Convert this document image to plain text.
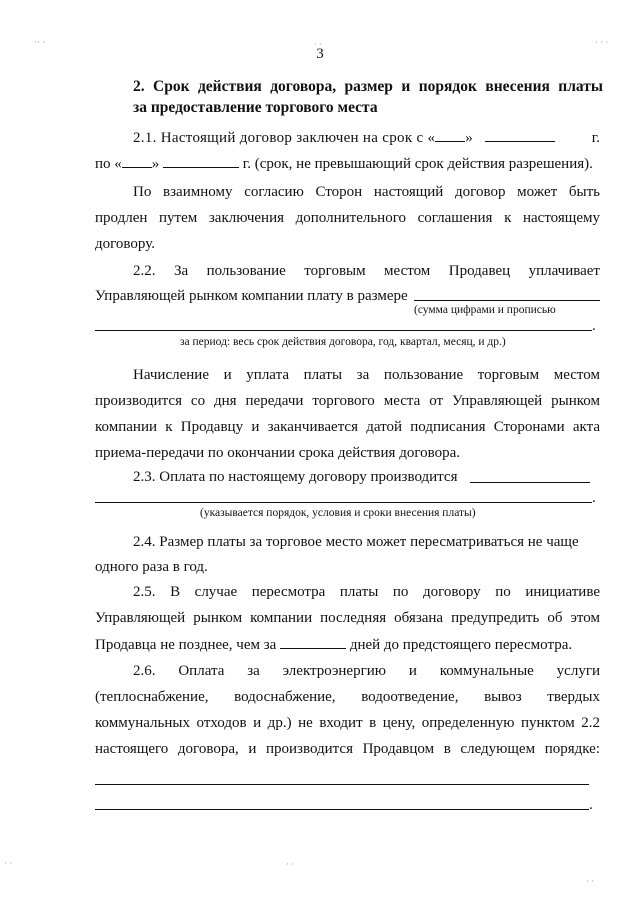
3
2. Срок действия договора, размер и порядок внесения платы
за предоставление торгового места
2.1. Настоящий договор заключен на срок с « »	г.
по « »	г. (срок, не превышающий срок действия разрешения).
По взаимному согласию Сторон настоящий договор может быть
продлен путем заключения дополнительного соглашения к настоящему
договору.
2.2. За пользование торговым местом Продавец уплачивает
Управляющей рынком компании плату в размере
(сумма цифрами и прописью
.
за период: весь срок действия договора, год, квартал, месяц, и др.)
Начисление и уплата платы за пользование торговым местом
производится со дня передачи торгового места от Управляющей рынком
компании к Продавцу и заканчивается датой подписания Сторонами акта
приема-передачи по окончании срока действия договора.
2.3. Оплата по настоящему договору производится
.
(указывается порядок, условия и сроки внесения платы)
2.4. Размер платы за торговое место может пересматриваться не чаще
одного раза в год.
2.5. В случае пересмотра платы по договору по инициативе
Управляющей рынком компании последняя обязана предупредить об этом
Продавца не позднее, чем за	дней до предстоящего пересмотра.
2.6. Оплата за электроэнергию и коммунальные услуги
(теплоснабжение, водоснабжение, водоотведение, вывоз твердых
коммунальных отходов и др.) не входит в цену, определенную пунктом 2.2
настоящего договора, и производится Продавцом в следующем порядке:
.
·· ·	· ·	· · ·
· ·	· ·
· ·
